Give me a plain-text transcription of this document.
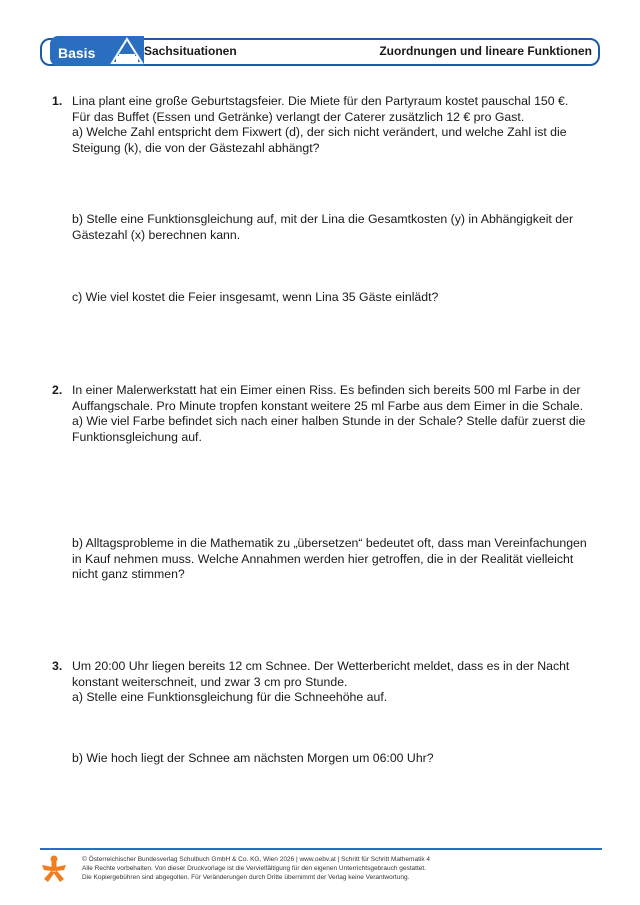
Basis	Sachsituationen	Zuordnungen und lineare Funktionen
1. Lina plant eine große Geburtstagsfeier. Die Miete für den Partyraum kostet pauschal 150 €.

Für das Buffet (Essen und Getränke) verlangt der Caterer zusätzlich 12 € pro Gast.

a) Welche Zahl entspricht dem Fixwert (d), der sich nicht verändert, und welche Zahl ist die

Steigung (k), die von der Gästezahl abhängt?

b) Stelle eine Funktionsgleichung auf, mit der Lina die Gesamtkosten (y) in Abhängigkeit der

Gästezahl (x) berechnen kann.

c) Wie viel kostet die Feier insgesamt, wenn Lina 35 Gäste einlädt?

2. In einer Malerwerkstatt hat ein Eimer einen Riss. Es befinden sich bereits 500 ml Farbe in der

Auffangschale. Pro Minute tropfen konstant weitere 25 ml Farbe aus dem Eimer in die Schale.

a) Wie viel Farbe befindet sich nach einer halben Stunde in der Schale? Stelle dafür zuerst die

Funktionsgleichung auf.

b) Alltagsprobleme in die Mathematik zu „übersetzen“ bedeutet oft, dass man Vereinfachungen

in Kauf nehmen muss. Welche Annahmen werden hier getroffen, die in der Realität vielleicht

nicht ganz stimmen?

3. Um 20:00 Uhr liegen bereits 12 cm Schnee. Der Wetterbericht meldet, dass es in der Nacht

konstant weiterschneit, und zwar 3 cm pro Stunde.

a) Stelle eine Funktionsgleichung für die Schneehöhe auf.

b) Wie hoch liegt der Schnee am nächsten Morgen um 06:00 Uhr?

© Österreichischer Bundesverlag Schulbuch GmbH & Co. KG, Wien 2026 | www.oebv.at | Schritt für Schritt Mathematik 4
Alle Rechte vorbehalten. Von dieser Druckvorlage ist die Vervielfältigung für den eigenen Unterrichtsgebrauch gestattet.
Die Kopiergebühren sind abgegolten. Für Veränderungen durch Dritte übernimmt der Verlag keine Verantwortung.
